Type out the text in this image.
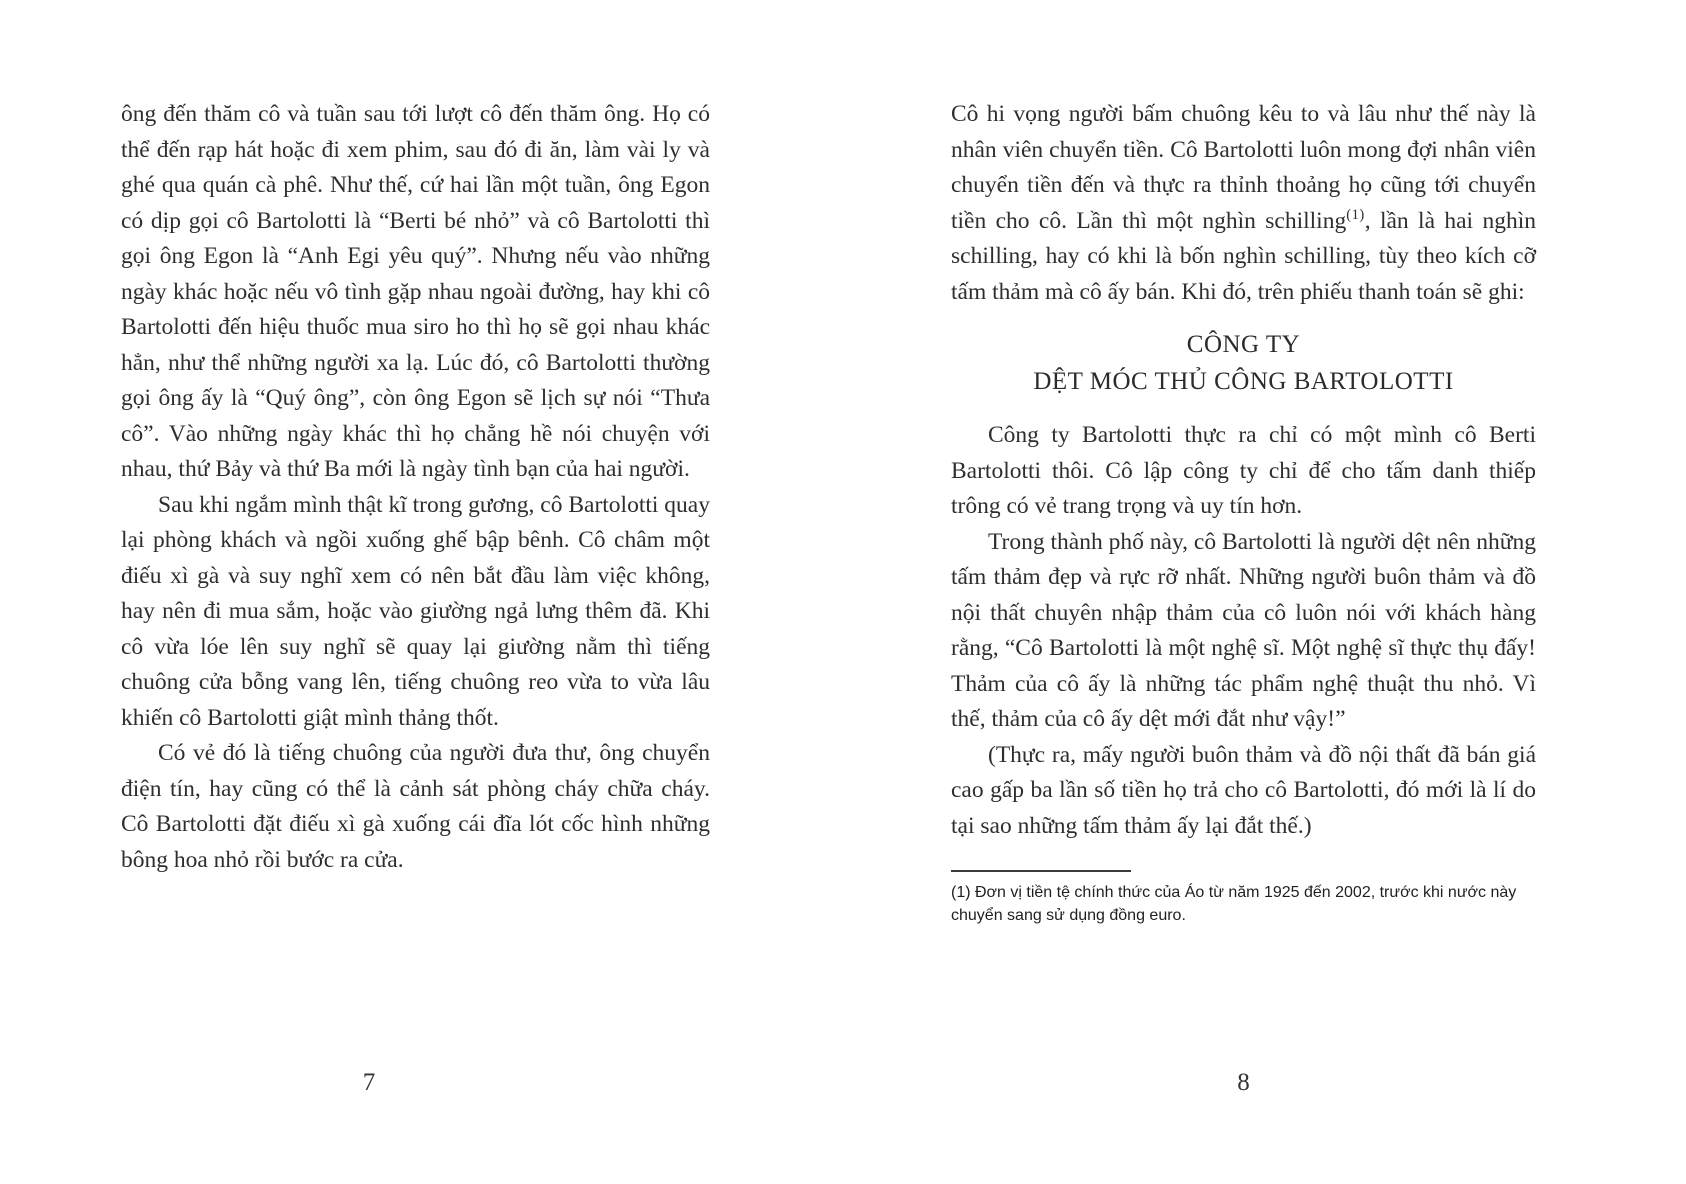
ông đến thăm cô và tuần sau tới lượt cô đến thăm ông. Họ có thể đến rạp hát hoặc đi xem phim, sau đó đi ăn, làm vài ly và ghé qua quán cà phê. Như thế, cứ hai lần một tuần, ông Egon có dịp gọi cô Bartolotti là “Berti bé nhỏ” và cô Bartolotti thì gọi ông Egon là “Anh Egi yêu quý”. Nhưng nếu vào những ngày khác hoặc nếu vô tình gặp nhau ngoài đường, hay khi cô Bartolotti đến hiệu thuốc mua siro ho thì họ sẽ gọi nhau khác hẳn, như thể những người xa lạ. Lúc đó, cô Bartolotti thường gọi ông ấy là “Quý ông”, còn ông Egon sẽ lịch sự nói “Thưa cô”. Vào những ngày khác thì họ chẳng hề nói chuyện với nhau, thứ Bảy và thứ Ba mới là ngày tình bạn của hai người.

Sau khi ngắm mình thật kĩ trong gương, cô Bartolotti quay lại phòng khách và ngồi xuống ghế bập bênh. Cô châm một điếu xì gà và suy nghĩ xem có nên bắt đầu làm việc không, hay nên đi mua sắm, hoặc vào giường ngả lưng thêm đã. Khi cô vừa lóe lên suy nghĩ sẽ quay lại giường nằm thì tiếng chuông cửa bỗng vang lên, tiếng chuông reo vừa to vừa lâu khiến cô Bartolotti giật mình thảng thốt.

Có vẻ đó là tiếng chuông của người đưa thư, ông chuyển điện tín, hay cũng có thể là cảnh sát phòng cháy chữa cháy. Cô Bartolotti đặt điếu xì gà xuống cái đĩa lót cốc hình những bông hoa nhỏ rồi bước ra cửa.

Cô hi vọng người bấm chuông kêu to và lâu như thế này là nhân viên chuyển tiền. Cô Bartolotti luôn mong đợi nhân viên chuyển tiền đến và thực ra thỉnh thoảng họ cũng tới chuyển tiền cho cô. Lần thì một nghìn schilling$^{(1)}$, lần là hai nghìn schilling, hay có khi là bốn nghìn schilling, tùy theo kích cỡ tấm thảm mà cô ấy bán. Khi đó, trên phiếu thanh toán sẽ ghi:

CÔNG TY
DỆT MÓC THỦ CÔNG BARTOLOTTI

Công ty Bartolotti thực ra chỉ có một mình cô Berti Bartolotti thôi. Cô lập công ty chỉ để cho tấm danh thiếp trông có vẻ trang trọng và uy tín hơn.

Trong thành phố này, cô Bartolotti là người dệt nên những tấm thảm đẹp và rực rỡ nhất. Những người buôn thảm và đồ nội thất chuyên nhập thảm của cô luôn nói với khách hàng rằng, “Cô Bartolotti là một nghệ sĩ. Một nghệ sĩ thực thụ đấy! Thảm của cô ấy là những tác phẩm nghệ thuật thu nhỏ. Vì thế, thảm của cô ấy dệt mới đắt như vậy!”

(Thực ra, mấy người buôn thảm và đồ nội thất đã bán giá cao gấp ba lần số tiền họ trả cho cô Bartolotti, đó mới là lí do tại sao những tấm thảm ấy lại đắt thế.)

(1) Đơn vị tiền tệ chính thức của Áo từ năm 1925 đến 2002, trước khi nước này chuyển sang sử dụng đồng euro.
7	8
